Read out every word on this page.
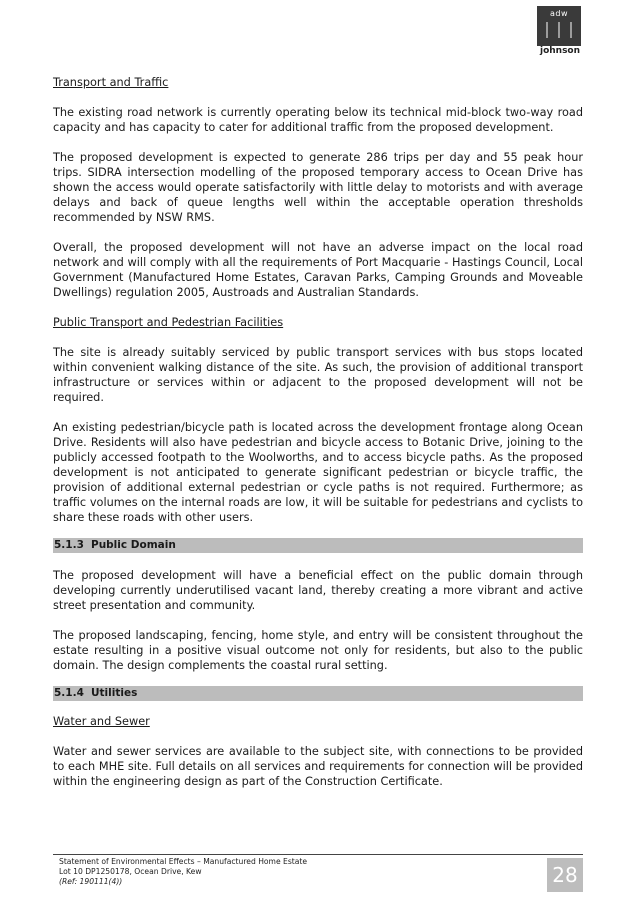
adw
johnson
Transport and Traffic

The existing road network is currently operating below its technical mid-block two-way road capacity and has capacity to cater for additional traffic from the proposed development.

The proposed development is expected to generate 286 trips per day and 55 peak hour trips. SIDRA intersection modelling of the proposed temporary access to Ocean Drive has shown the access would operate satisfactorily with little delay to motorists and with average delays and back of queue lengths well within the acceptable operation thresholds recommended by NSW RMS.

Overall, the proposed development will not have an adverse impact on the local road network and will comply with all the requirements of Port Macquarie - Hastings Council, Local Government (Manufactured Home Estates, Caravan Parks, Camping Grounds and Moveable Dwellings) regulation 2005, Austroads and Australian Standards.

Public Transport and Pedestrian Facilities

The site is already suitably serviced by public transport services with bus stops located within convenient walking distance of the site. As such, the provision of additional transport infrastructure or services within or adjacent to the proposed development will not be required.

An existing pedestrian/bicycle path is located across the development frontage along Ocean Drive. Residents will also have pedestrian and bicycle access to Botanic Drive, joining to the publicly accessed footpath to the Woolworths, and to access bicycle paths. As the proposed development is not anticipated to generate significant pedestrian or bicycle traffic, the provision of additional external pedestrian or cycle paths is not required. Furthermore; as traffic volumes on the internal roads are low, it will be suitable for pedestrians and cyclists to share these roads with other users.

5.1.3 Public Domain

The proposed development will have a beneficial effect on the public domain through developing currently underutilised vacant land, thereby creating a more vibrant and active street presentation and community.

The proposed landscaping, fencing, home style, and entry will be consistent throughout the estate resulting in a positive visual outcome not only for residents, but also to the public domain. The design complements the coastal rural setting.

5.1.4 Utilities
Water and Sewer

Water and sewer services are available to the subject site, with connections to be provided to each MHE site. Full details on all services and requirements for connection will be provided within the engineering design as part of the Construction Certificate.

Statement of Environmental Effects – Manufactured Home Estate
Lot 10 DP1250178, Ocean Drive, Kew
(Ref: 190111(4))	28
